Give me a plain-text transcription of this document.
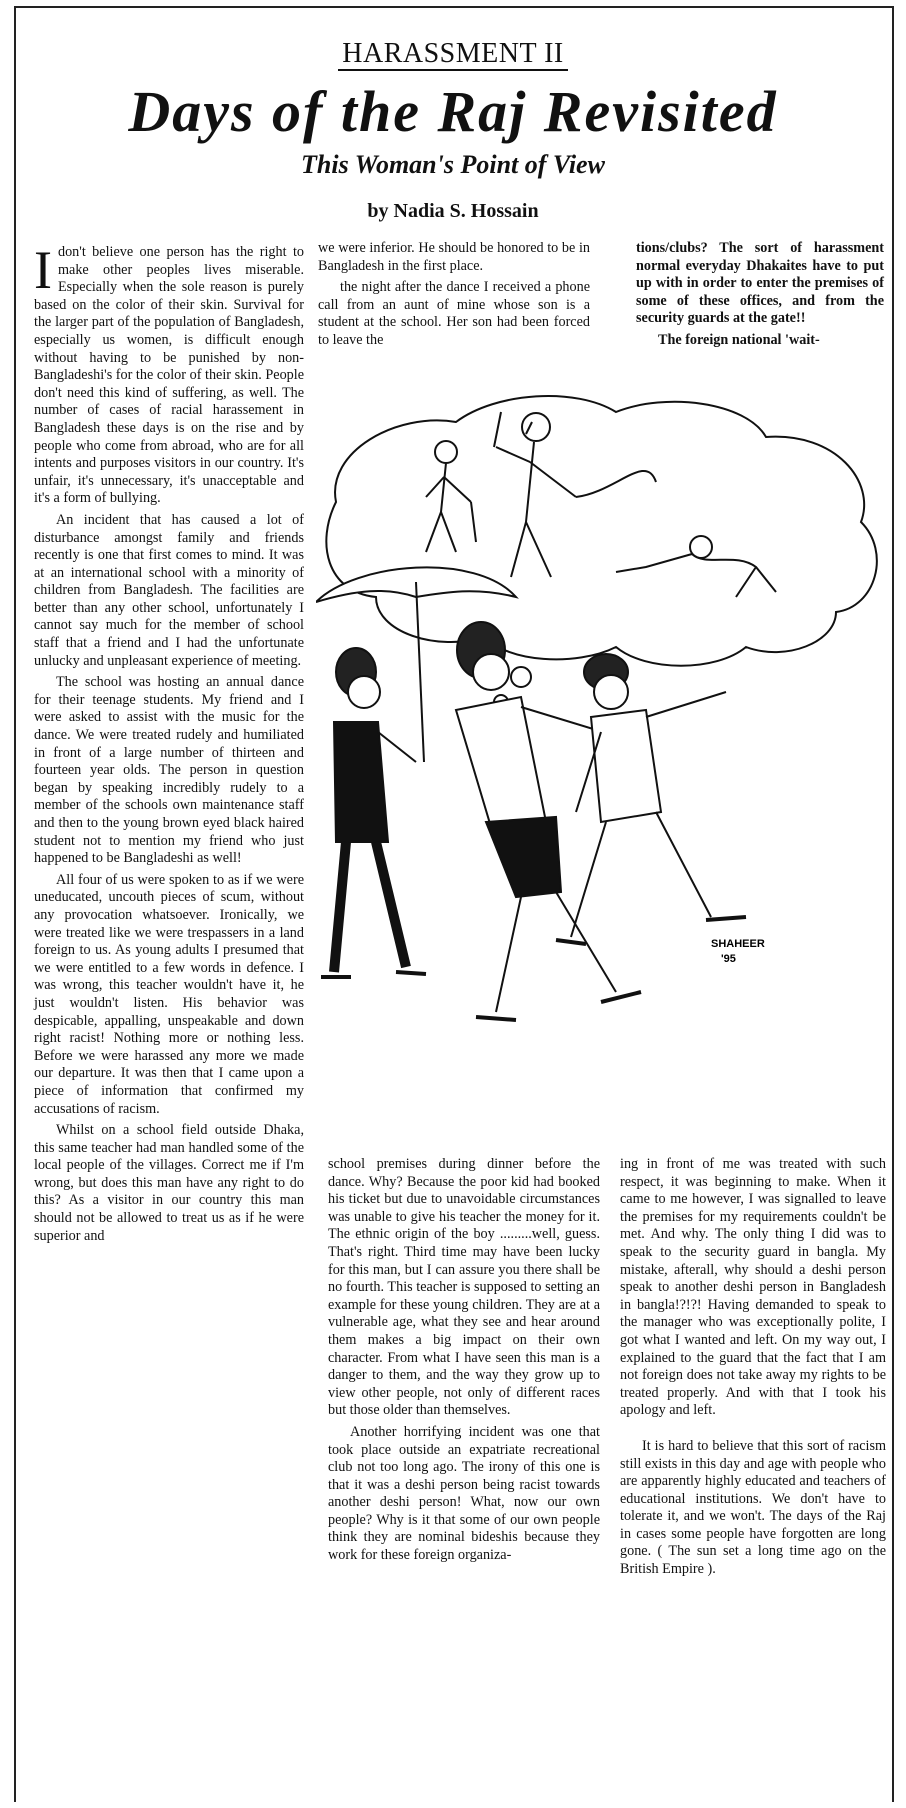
HARASSMENT II
Days of the Raj Revisited
This Woman's Point of View
by Nadia S. Hossain

Idon't believe one person has the right to make other peoples lives miserable. Especially when the sole reason is purely based on the color of their skin. Survival for the larger part of the population of Bangladesh, especially us women, is difficult enough without having to be punished by non-Bangladeshi's for the color of their skin. People don't need this kind of suffering, as well. The number of cases of racial harassement in Bangladesh these days is on the rise and by people who come from abroad, who are for all intents and purposes visitors in our country. It's unfair, it's unnecessary, it's unacceptable and it's a form of bullying.

An incident that has caused a lot of disturbance amongst family and friends recently is one that first comes to mind. It was at an international school with a minority of children from Bangladesh. The facilities are better than any other school, unfortunately I cannot say much for the member of school staff that a friend and I had the unfortunate unlucky and unpleasant experience of meeting.

The school was hosting an annual dance for their teenage students. My friend and I were asked to assist with the music for the dance. We were treated rudely and humiliated in front of a large number of thirteen and fourteen year olds. The person in question began by speaking incredibly rudely to a member of the schools own maintenance staff and then to the young brown eyed black haired student not to mention my friend who just happened to be Bangladeshi as well!

All four of us were spoken to as if we were uneducated, uncouth pieces of scum, without any provocation whatsoever. Ironically, we were treated like we were trespassers in a land foreign to us. As young adults I presumed that we were entitled to a few words in defence. I was wrong, this teacher wouldn't have it, he just wouldn't listen. His behavior was despicable, appalling, unspeakable and down right racist! Nothing more or nothing less. Before we were harassed any more we made our departure. It was then that I came upon a piece of information that confirmed my accusations of racism.

Whilst on a school field outside Dhaka, this same teacher had man handled some of the local people of the villages. Correct me if I'm wrong, but does this man have any right to do this? As a visitor in our country this man should not be allowed to treat us as if he were superior and

we were inferior. He should be honored to be in Bangladesh in the first place.

the night after the dance I received a phone call from an aunt of mine whose son is a student at the school. Her son had been forced to leave the

tions/clubs? The sort of harassment normal everyday Dhakaites have to put up with in order to enter the premises of some of these offices, and from the security guards at the gate!!

The foreign national 'wait-

SHAHEER
'95

school premises during dinner before the dance. Why? Because the poor kid had booked his ticket but due to unavoidable circumstances was unable to give his teacher the money for it. The ethnic origin of the boy .........well, guess. That's right. Third time may have been lucky for this man, but I can assure you there shall be no fourth. This teacher is supposed to setting an example for these young children. They are at a vulnerable age, what they see and hear around them makes a big impact on their own character. From what I have seen this man is a danger to them, and the way they grow up to view other people, not only of different races but those older than themselves.

Another horrifying incident was one that took place outside an expatriate recreational club not too long ago. The irony of this one is that it was a deshi person being racist towards another deshi person! What, now our own people? Why is it that some of our own people think they are nominal bideshis because they work for these foreign organiza-

ing in front of me was treated with such respect, it was beginning to make. When it came to me however, I was signalled to leave the premises for my requirements couldn't be met. And why. The only thing I did was to speak to the security guard in bangla. My mistake, afterall, why should a deshi person speak to another deshi person in Bangladesh in bangla!?!?! Having demanded to speak to the manager who was exceptionally polite, I got what I wanted and left. On my way out, I explained to the guard that the fact that I am not foreign does not take away my rights to be treated properly. And with that I took his apology and left.

It is hard to believe that this sort of racism still exists in this day and age with people who are apparently highly educated and teachers of educational institutions. We don't have to tolerate it, and we won't. The days of the Raj in cases some people have forgotten are long gone. ( The sun set a long time ago on the British Empire ).
